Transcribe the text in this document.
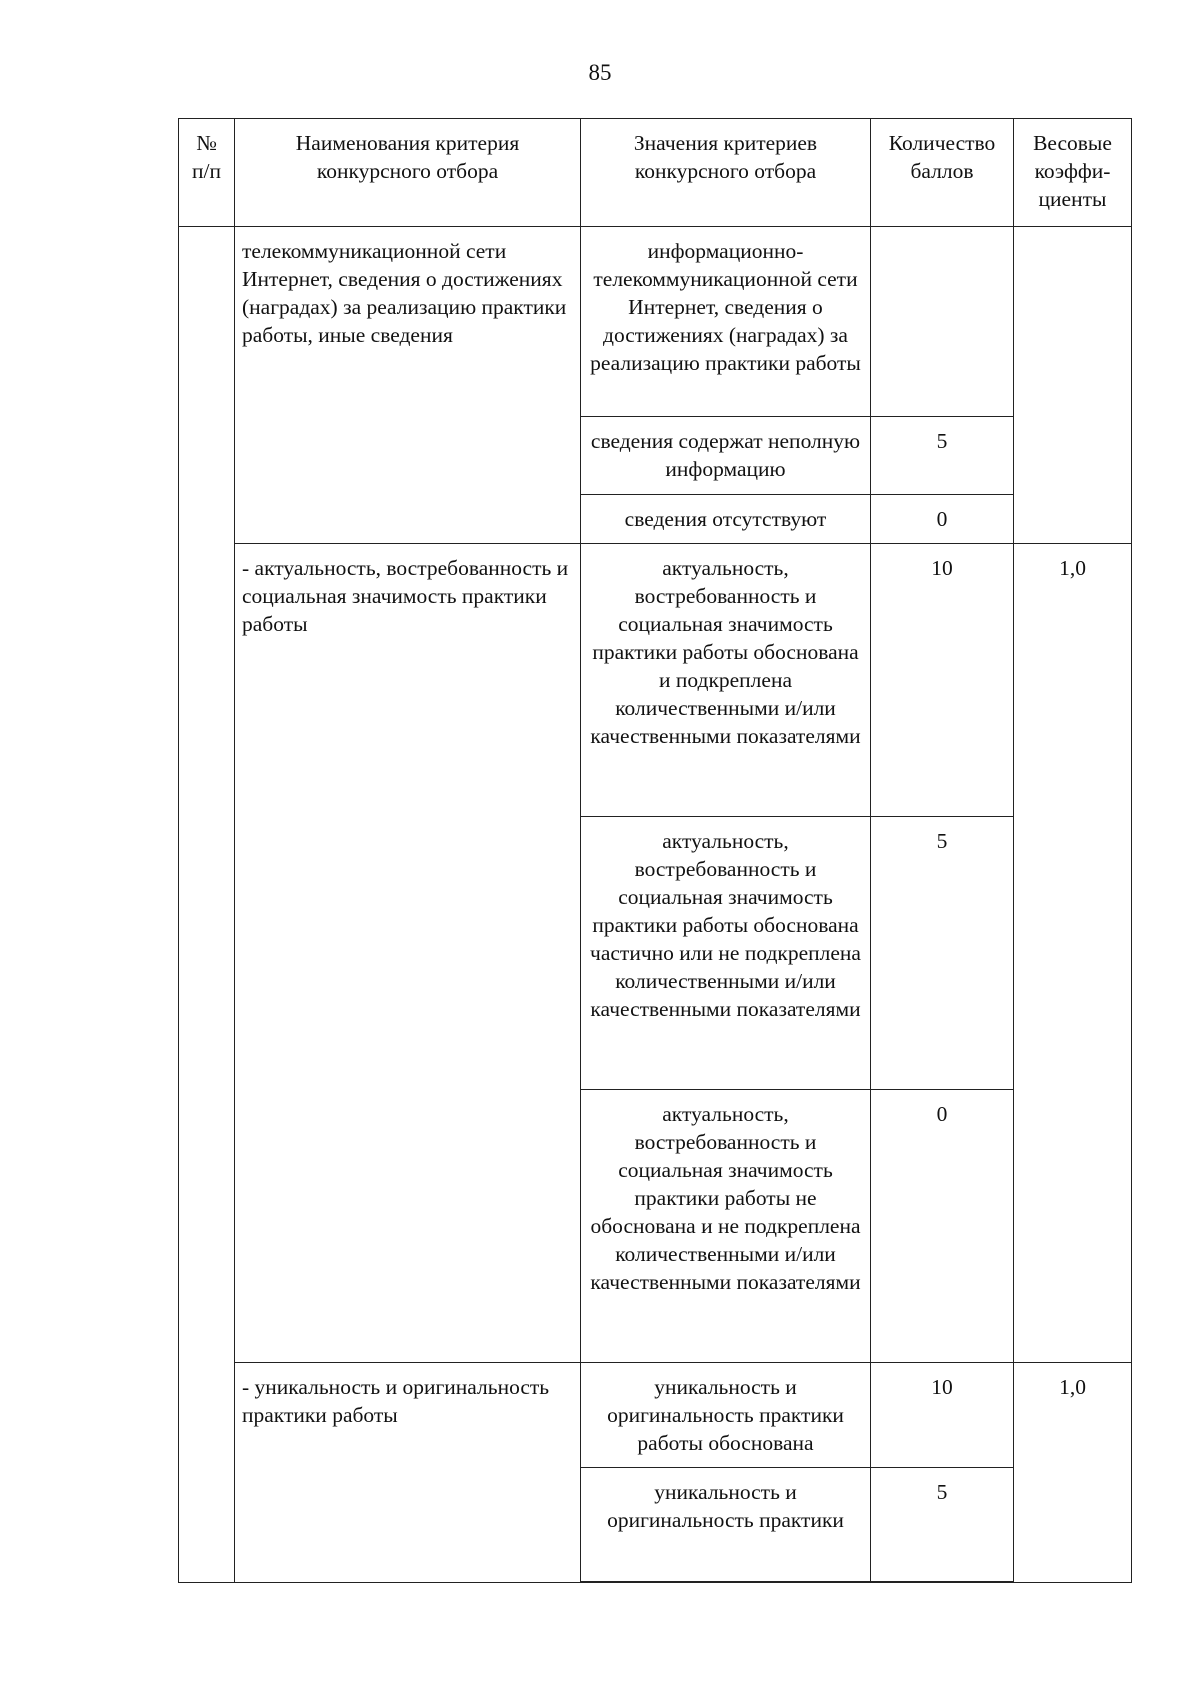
85
№ п/п	Наименования критерия конкурсного отбора	Значения критериев конкурсного отбора	Количество баллов	Весовые коэффи-циенты
	телекоммуникационной сети Интернет, сведения о достижениях (наградах) за реализацию практики работы, иные сведения	информационно-телекоммуникационной сети Интернет, сведения о достижениях (наградах) за реализацию практики работы		
		сведения содержат неполную информацию	5	
		сведения отсутствуют	0	
	- актуальность, востребованность и социальная значимость практики работы	актуальность, востребованность и социальная значимость практики работы обоснована и подкреплена количественными и/или качественными показателями	10	1,0
		актуальность, востребованность и социальная значимость практики работы обоснована частично или не подкреплена количественными и/или качественными показателями	5	
		актуальность, востребованность и социальная значимость практики работы не обоснована и не подкреплена количественными и/или качественными показателями	0	
	- уникальность и оригинальность практики работы	уникальность и оригинальность практики работы обоснована	10	1,0
		уникальность и оригинальность практики	5	
